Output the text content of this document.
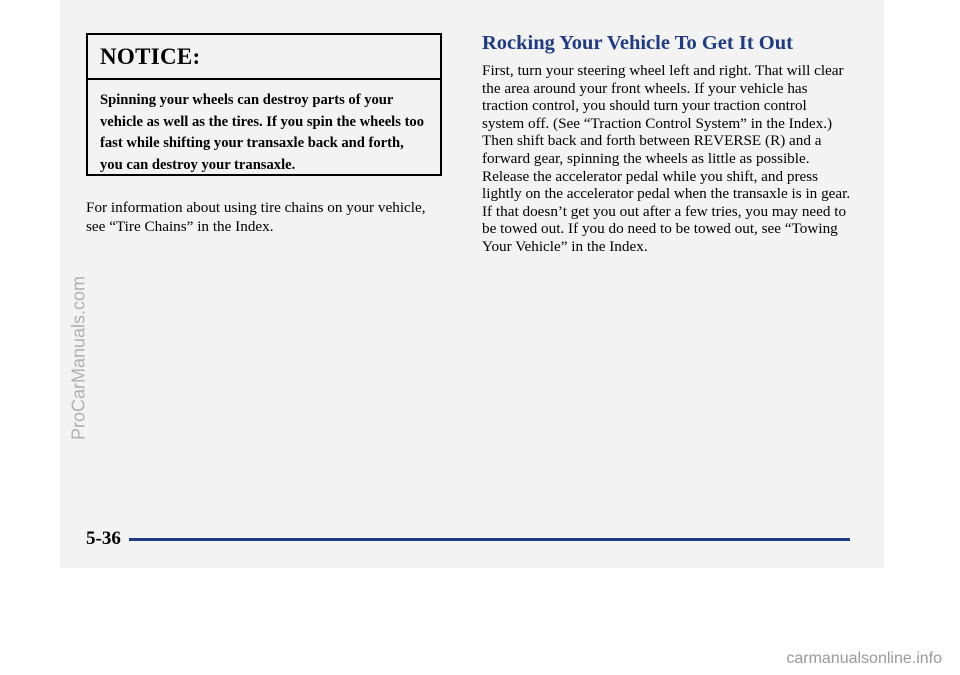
NOTICE:
Spinning your wheels can destroy parts of your vehicle as well as the tires. If you spin the wheels too fast while shifting your transaxle back and forth, you can destroy your transaxle.
For information about using tire chains on your vehicle, see “Tire Chains” in the Index.
Rocking Your Vehicle To Get It Out
First, turn your steering wheel left and right. That will clear the area around your front wheels. If your vehicle has traction control, you should turn your traction control system off. (See “Traction Control System” in the Index.) Then shift back and forth between REVERSE (R) and a forward gear, spinning the wheels as little as possible. Release the accelerator pedal while you shift, and press lightly on the accelerator pedal when the transaxle is in gear. If that doesn’t get you out after a few tries, you may need to be towed out. If you do need to be towed out, see “Towing Your Vehicle” in the Index.
5-36
ProCarManuals.com
carmanualsonline.info
